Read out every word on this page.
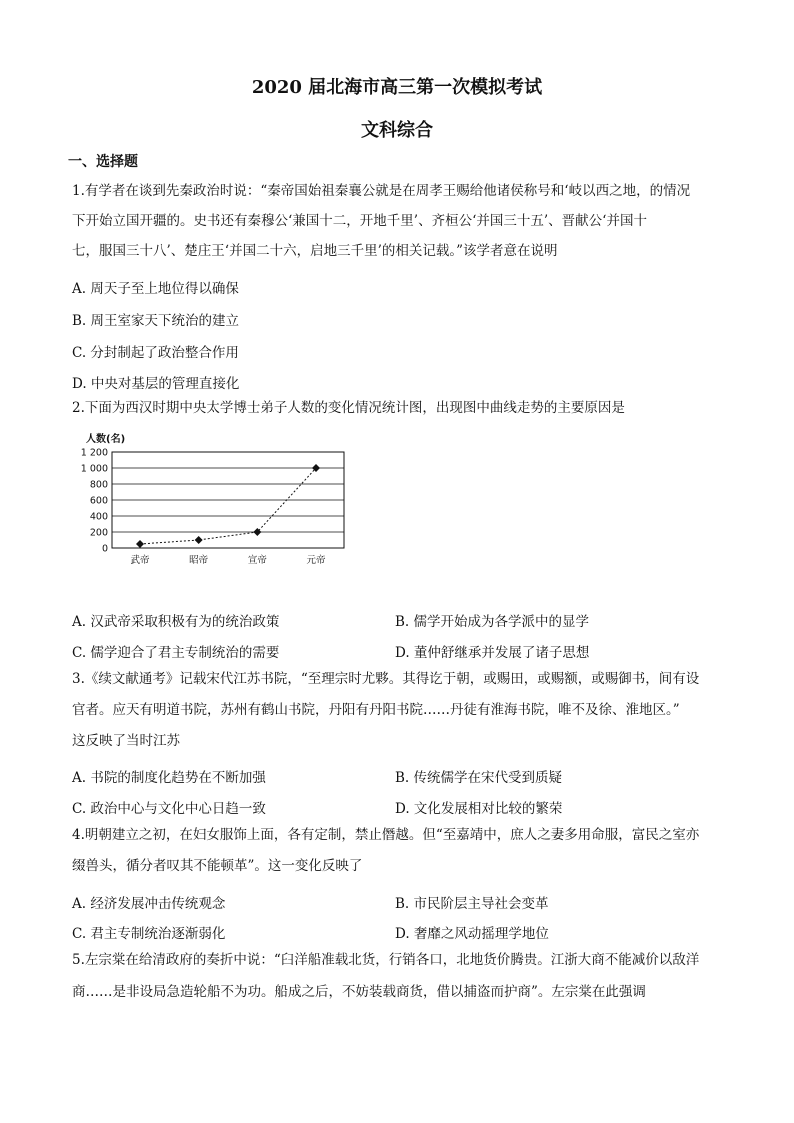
2020 届北海市高三第一次模拟考试
文科综合
一、选择题
1.有学者在谈到先秦政治时说：“秦帝国始祖秦襄公就是在周孝王赐给他诸侯称号和‘岐以西之地，的情况
下开始立国开疆的。史书还有秦穆公‘兼国十二，开地千里’、齐桓公‘并国三十五’、晋献公‘并国十
七，服国三十八’、楚庄王‘并国二十六，启地三千里’的相关记载。”该学者意在说明
A. 周天子至上地位得以确保
B. 周王室家天下统治的建立
C. 分封制起了政治整合作用
D. 中央对基层的管理直接化
2.下面为西汉时期中央太学博士弟子人数的变化情况统计图，出现图中曲线走势的主要原因是
人数(名)
1 200
1 000
800
600
400
200
0
武帝	昭帝	宣帝	元帝
A. 汉武帝采取积极有为的统治政策	B. 儒学开始成为各学派中的显学
C. 儒学迎合了君主专制统治的需要	D. 董仲舒继承并发展了诸子思想
3.《续文献通考》记载宋代江苏书院，“至理宗时尤夥。其得讫于朝，或赐田，或赐额，或赐御书，间有设
官者。应天有明道书院，苏州有鹤山书院，丹阳有丹阳书院……丹徒有淮海书院，唯不及徐、淮地区。”
这反映了当时江苏
A. 书院的制度化趋势在不断加强	B. 传统儒学在宋代受到质疑
C. 政治中心与文化中心日趋一致	D. 文化发展相对比较的繁荣
4.明朝建立之初，在妇女服饰上面，各有定制，禁止僭越。但“至嘉靖中，庶人之妻多用命服，富民之室亦
缀兽头，循分者叹其不能顿革”。这一变化反映了
A. 经济发展冲击传统观念	B. 市民阶层主导社会变革
C. 君主专制统治逐渐弱化	D. 奢靡之风动摇理学地位
5.左宗棠在给清政府的奏折中说：“臼洋船准载北货，行销各口，北地货价腾贵。江浙大商不能减价以敌洋
商……是非设局急造轮船不为功。船成之后，不妨装载商货，借以捕盗而护商”。左宗棠在此强调
